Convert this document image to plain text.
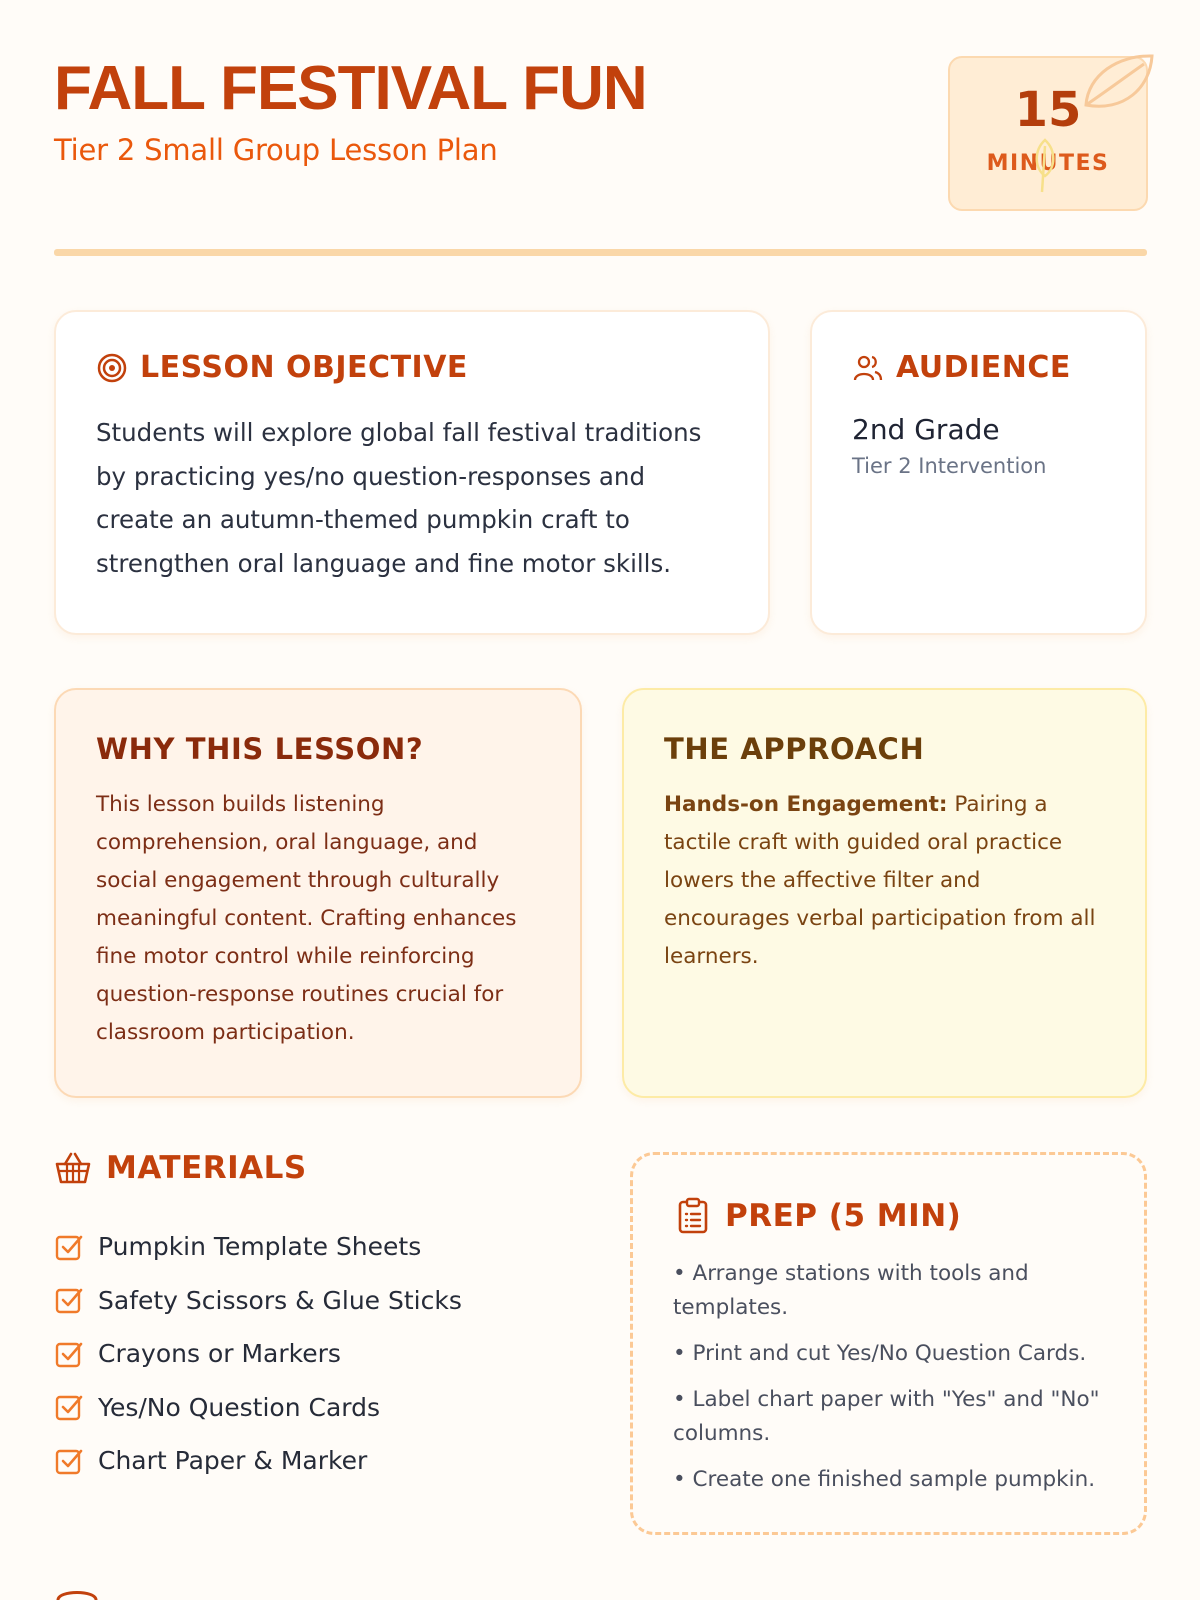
FALL FESTIVAL FUN
Tier 2 Small Group Lesson Plan
15
MINUTES
LESSON OBJECTIVE

Students will explore global fall festival traditions by practicing yes/no question-responses and create an autumn-themed pumpkin craft to strengthen oral language and fine motor skills.

AUDIENCE
2nd Grade
Tier 2 Intervention
WHY THIS LESSON?

This lesson builds listening comprehension, oral language, and social engagement through culturally meaningful content. Crafting enhances fine motor control while reinforcing question-response routines crucial for classroom participation.

THE APPROACH

Hands-on Engagement: Pairing a tactile craft with guided oral practice lowers the affective filter and encourages verbal participation from all learners.

MATERIALS
Pumpkin Template Sheets
Safety Scissors & Glue Sticks
Crayons or Markers
Yes/No Question Cards
Chart Paper & Marker
PREP (5 MIN)
• Arrange stations with tools and templates.
• Print and cut Yes/No Question Cards.
• Label chart paper with "Yes" and "No" columns.
• Create one finished sample pumpkin.
